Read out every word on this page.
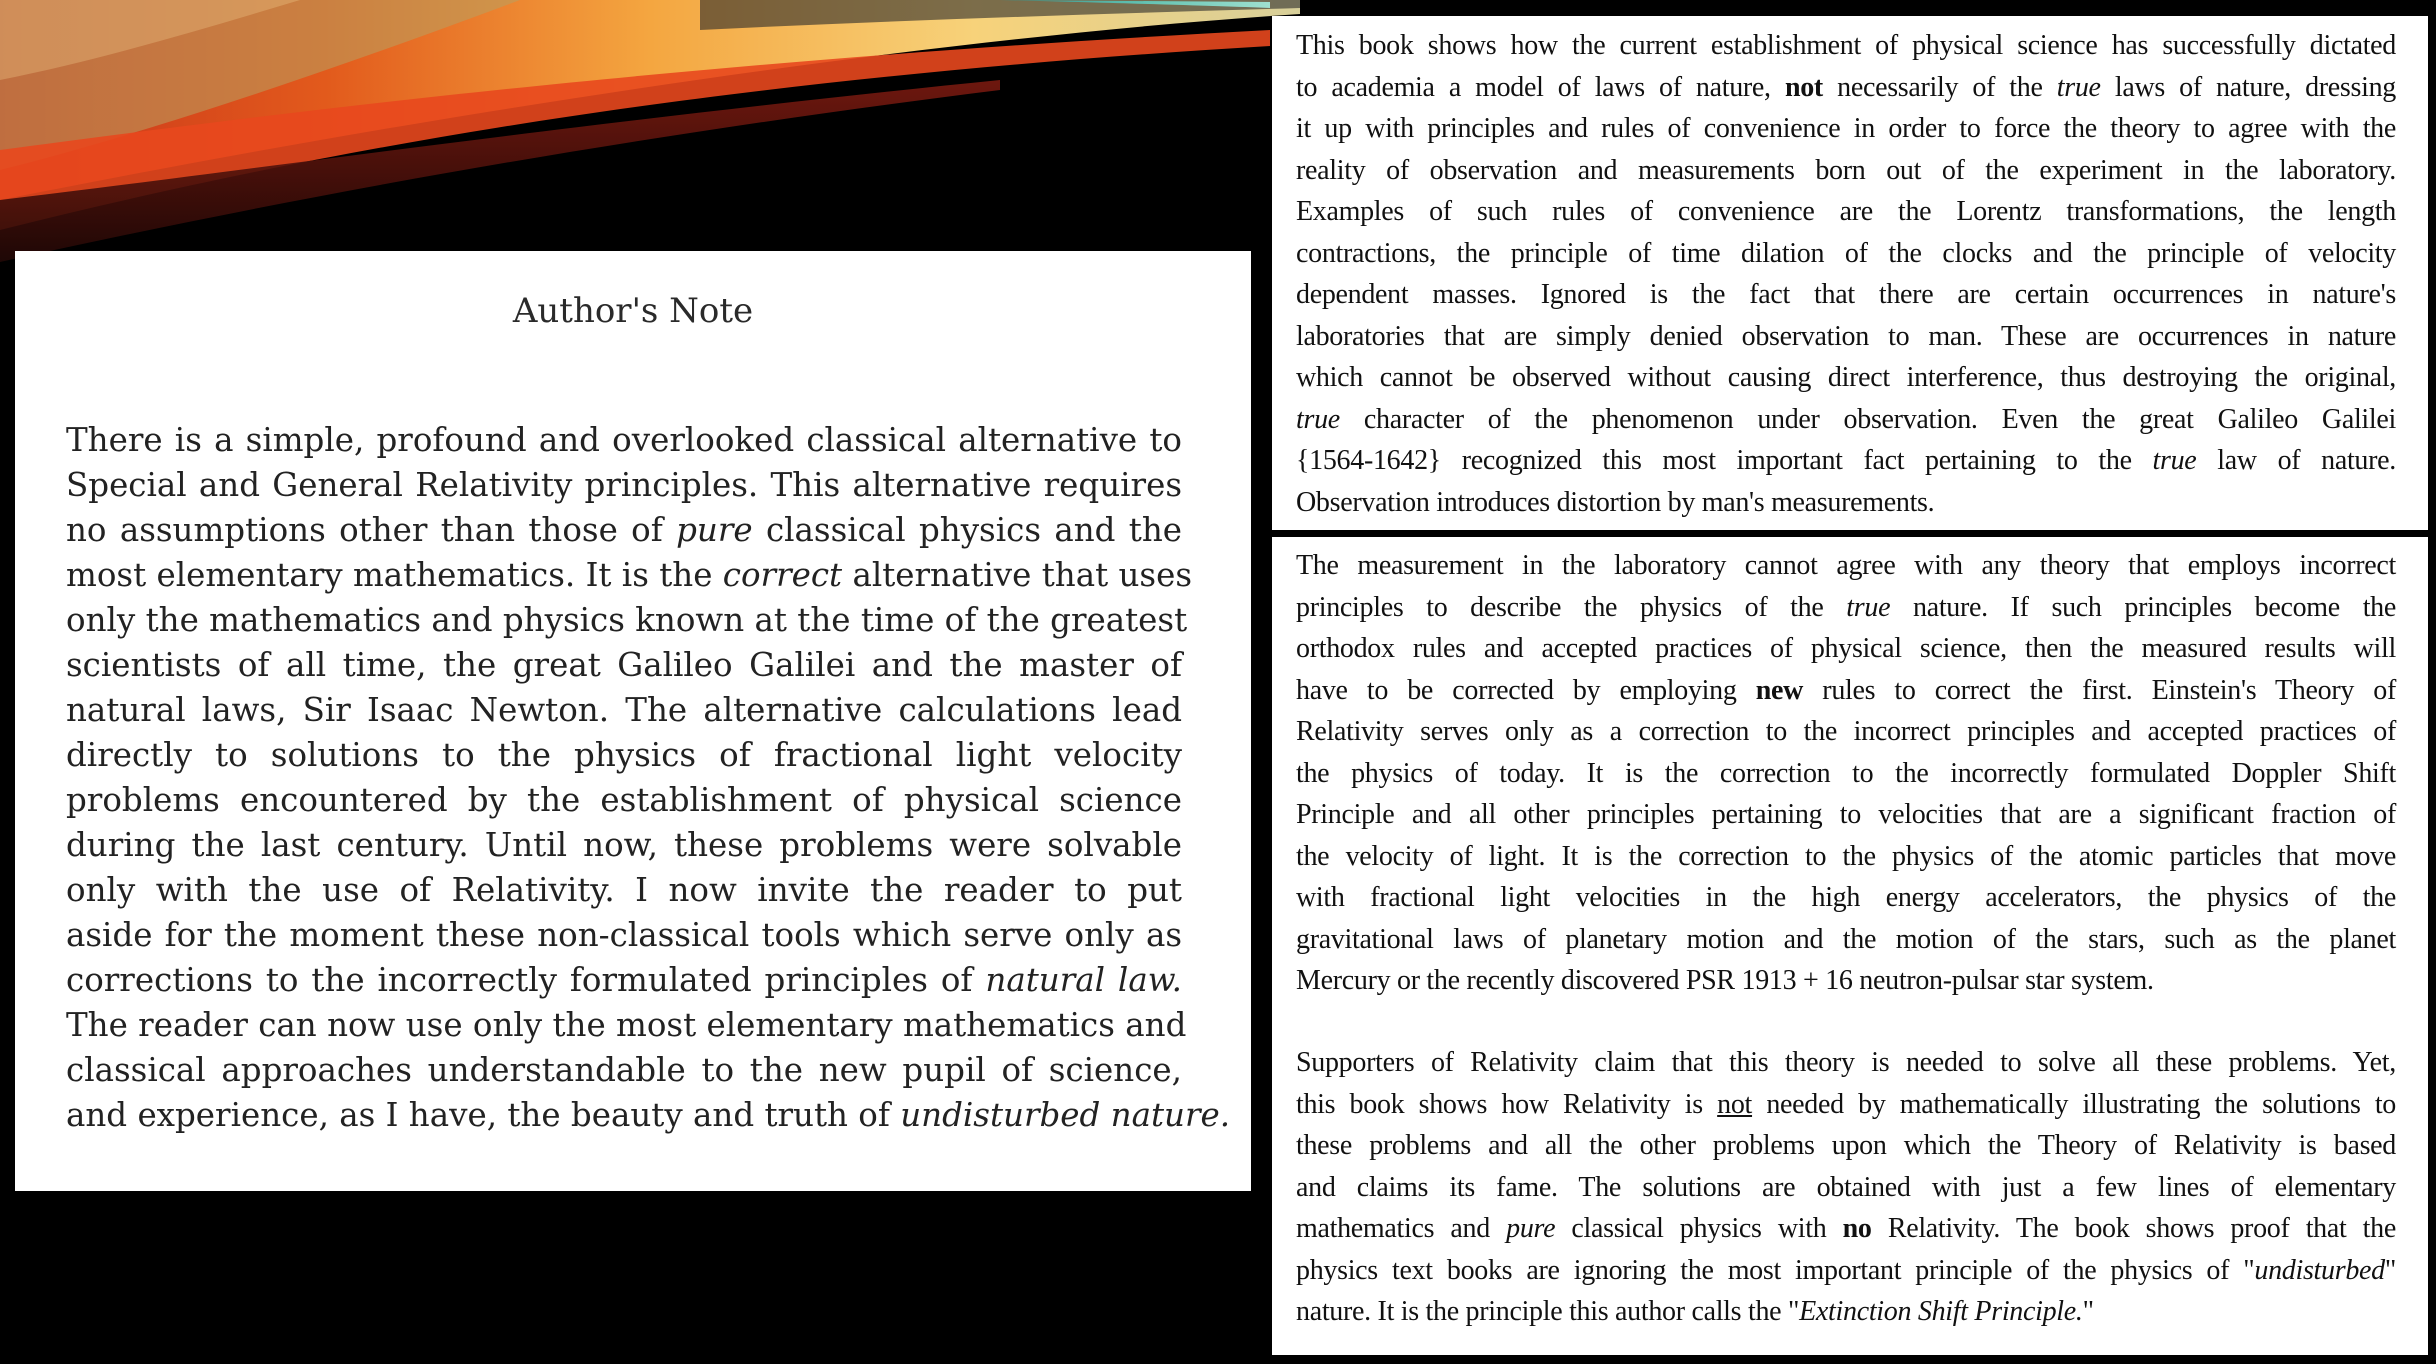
Author's Note
There is a simple, profound and overlooked classical alternative to
Special and General Relativity principles. This alternative requires
no assumptions other than those of pure classical physics and the
most elementary mathematics. It is the correct alternative that uses
only the mathematics and physics known at the time of the greatest
scientists of all time, the great Galileo Galilei and the master of
natural laws, Sir Isaac Newton. The alternative calculations lead
directly to solutions to the physics of fractional light velocity
problems encountered by the establishment of physical science
during the last century. Until now, these problems were solvable
only with the use of Relativity. I now invite the reader to put
aside for the moment these non-classical tools which serve only as
corrections to the incorrectly formulated principles of natural law.
The reader can now use only the most elementary mathematics and
classical approaches understandable to the new pupil of science,
and experience, as I have, the beauty and truth of undisturbed nature.
This book shows how the current establishment of physical science has successfully dictated
to academia a model of laws of nature, not necessarily of the true laws of nature, dressing
it up with principles and rules of convenience in order to force the theory to agree with the
reality of observation and measurements born out of the experiment in the laboratory.
Examples of such rules of convenience are the Lorentz transformations, the length
contractions, the principle of time dilation of the clocks and the principle of velocity
dependent masses. Ignored is the fact that there are certain occurrences in nature's
laboratories that are simply denied observation to man. These are occurrences in nature
which cannot be observed without causing direct interference, thus destroying the original,
true character of the phenomenon under observation. Even the great Galileo Galilei
{1564-1642} recognized this most important fact pertaining to the true law of nature.
Observation introduces distortion by man's measurements.
The measurement in the laboratory cannot agree with any theory that employs incorrect
principles to describe the physics of the true nature. If such principles become the
orthodox rules and accepted practices of physical science, then the measured results will
have to be corrected by employing new rules to correct the first. Einstein's Theory of
Relativity serves only as a correction to the incorrect principles and accepted practices of
the physics of today. It is the correction to the incorrectly formulated Doppler Shift
Principle and all other principles pertaining to velocities that are a significant fraction of
the velocity of light. It is the correction to the physics of the atomic particles that move
with fractional light velocities in the high energy accelerators, the physics of the
gravitational laws of planetary motion and the motion of the stars, such as the planet
Mercury or the recently discovered PSR 1913 + 16 neutron-pulsar star system.
Supporters of Relativity claim that this theory is needed to solve all these problems. Yet,
this book shows how Relativity is not needed by mathematically illustrating the solutions to
these problems and all the other problems upon which the Theory of Relativity is based
and claims its fame. The solutions are obtained with just a few lines of elementary
mathematics and pure classical physics with no Relativity. The book shows proof that the
physics text books are ignoring the most important principle of the physics of "undisturbed"
nature. It is the principle this author calls the "Extinction Shift Principle."
